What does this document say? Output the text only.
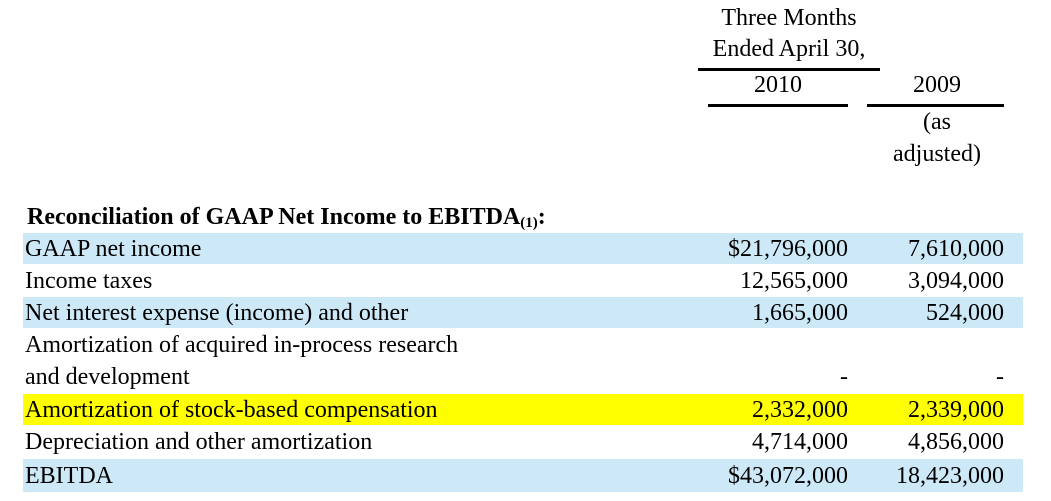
Three Months
Ended April 30,
2010	2009
(as
adjusted)
Reconciliation of GAAP Net Income to $EBITDA_{(1)}$:
GAAP net income	$21,796,000	7,610,000
Income taxes	12,565,000	3,094,000
Net interest expense (income) and other	1,665,000	524,000
Amortization of acquired in-process research
and development	-	-
Amortization of stock-based compensation	2,332,000	2,339,000
Depreciation and other amortization	4,714,000	4,856,000
EBITDA	$43,072,000 18,423,000
